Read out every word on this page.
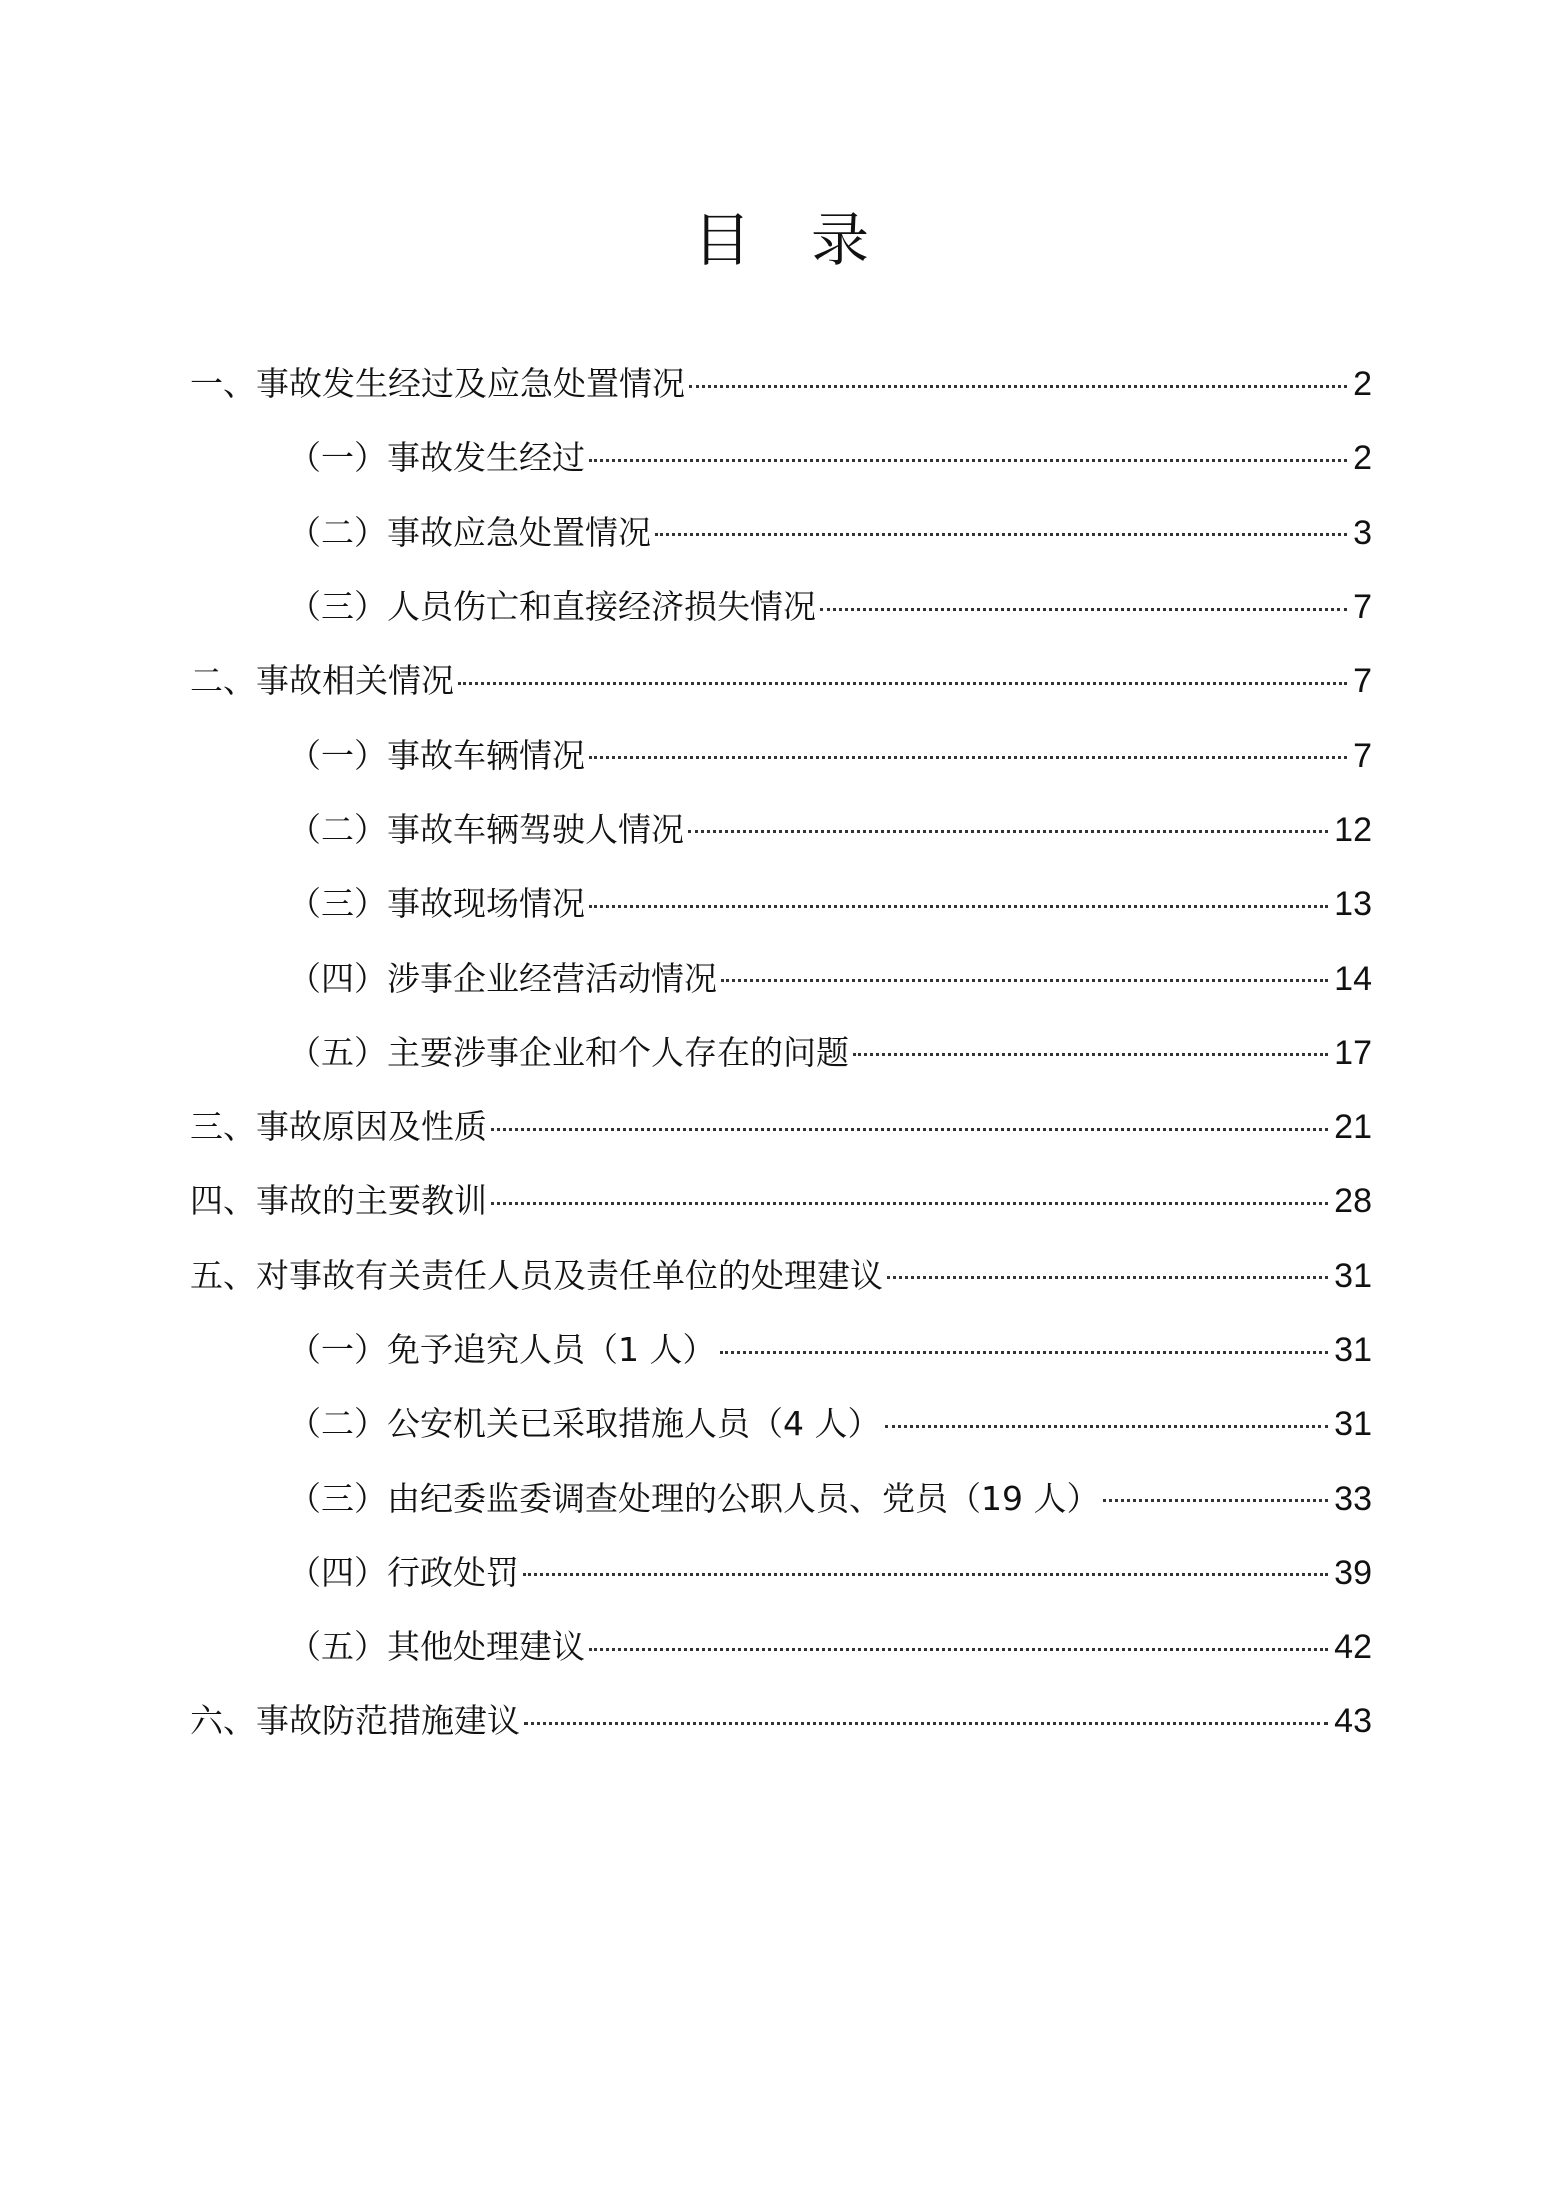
目录
一、事故发生经过及应急处置情况	2
（一）事故发生经过	2
（二）事故应急处置情况	3
（三）人员伤亡和直接经济损失情况	7
二、事故相关情况	7
（一）事故车辆情况	7
（二）事故车辆驾驶人情况	12
（三）事故现场情况	13
（四）涉事企业经营活动情况	14
（五）主要涉事企业和个人存在的问题	17
三、事故原因及性质	21
四、事故的主要教训	28
五、对事故有关责任人员及责任单位的处理建议	31
（一）免予追究人员（1 人）	31
（二）公安机关已采取措施人员（4 人）	31
（三）由纪委监委调查处理的公职人员、党员（19 人）	33
（四）行政处罚	39
（五）其他处理建议	42
六、事故防范措施建议	43
